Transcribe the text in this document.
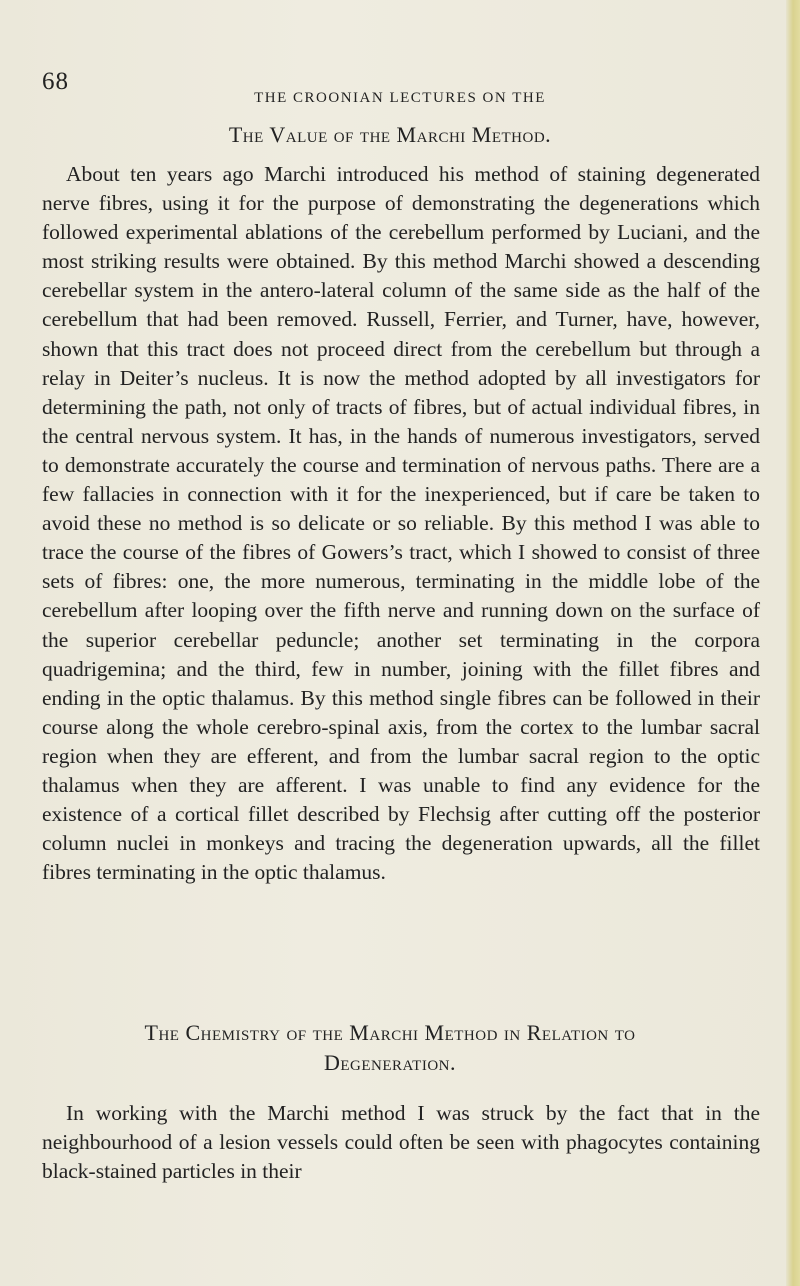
68
THE CROONIAN LECTURES ON THE
The Value of the Marchi Method.

About ten years ago Marchi introduced his method of staining degenerated nerve fibres, using it for the purpose of demonstrating the degenerations which followed experimental ablations of the cerebellum performed by Luciani, and the most striking results were obtained. By this method Marchi showed a descending cerebellar system in the antero-lateral column of the same side as the half of the cerebellum that had been removed. Russell, Ferrier, and Turner, have, however, shown that this tract does not proceed direct from the cerebellum but through a relay in Deiter’s nucleus. It is now the method adopted by all investigators for determining the path, not only of tracts of fibres, but of actual individual fibres, in the central nervous system. It has, in the hands of numerous investigators, served to demonstrate accurately the course and termination of nervous paths. There are a few fallacies in connection with it for the inexperienced, but if care be taken to avoid these no method is so delicate or so reliable. By this method I was able to trace the course of the fibres of Gowers’s tract, which I showed to consist of three sets of fibres: one, the more numerous, terminating in the middle lobe of the cerebellum after looping over the fifth nerve and running down on the surface of the superior cerebellar peduncle; another set terminating in the corpora quadrigemina; and the third, few in number, joining with the fillet fibres and ending in the optic thalamus. By this method single fibres can be followed in their course along the whole cerebro-spinal axis, from the cortex to the lumbar sacral region when they are efferent, and from the lumbar sacral region to the optic thalamus when they are afferent. I was unable to find any evidence for the existence of a cortical fillet described by Flechsig after cutting off the posterior column nuclei in monkeys and tracing the degeneration upwards, all the fillet fibres terminating in the optic thalamus.

The Chemistry of the Marchi Method in Relation to
Degeneration.

In working with the Marchi method I was struck by the fact that in the neighbourhood of a lesion vessels could often be seen with phagocytes containing black-stained particles in their
